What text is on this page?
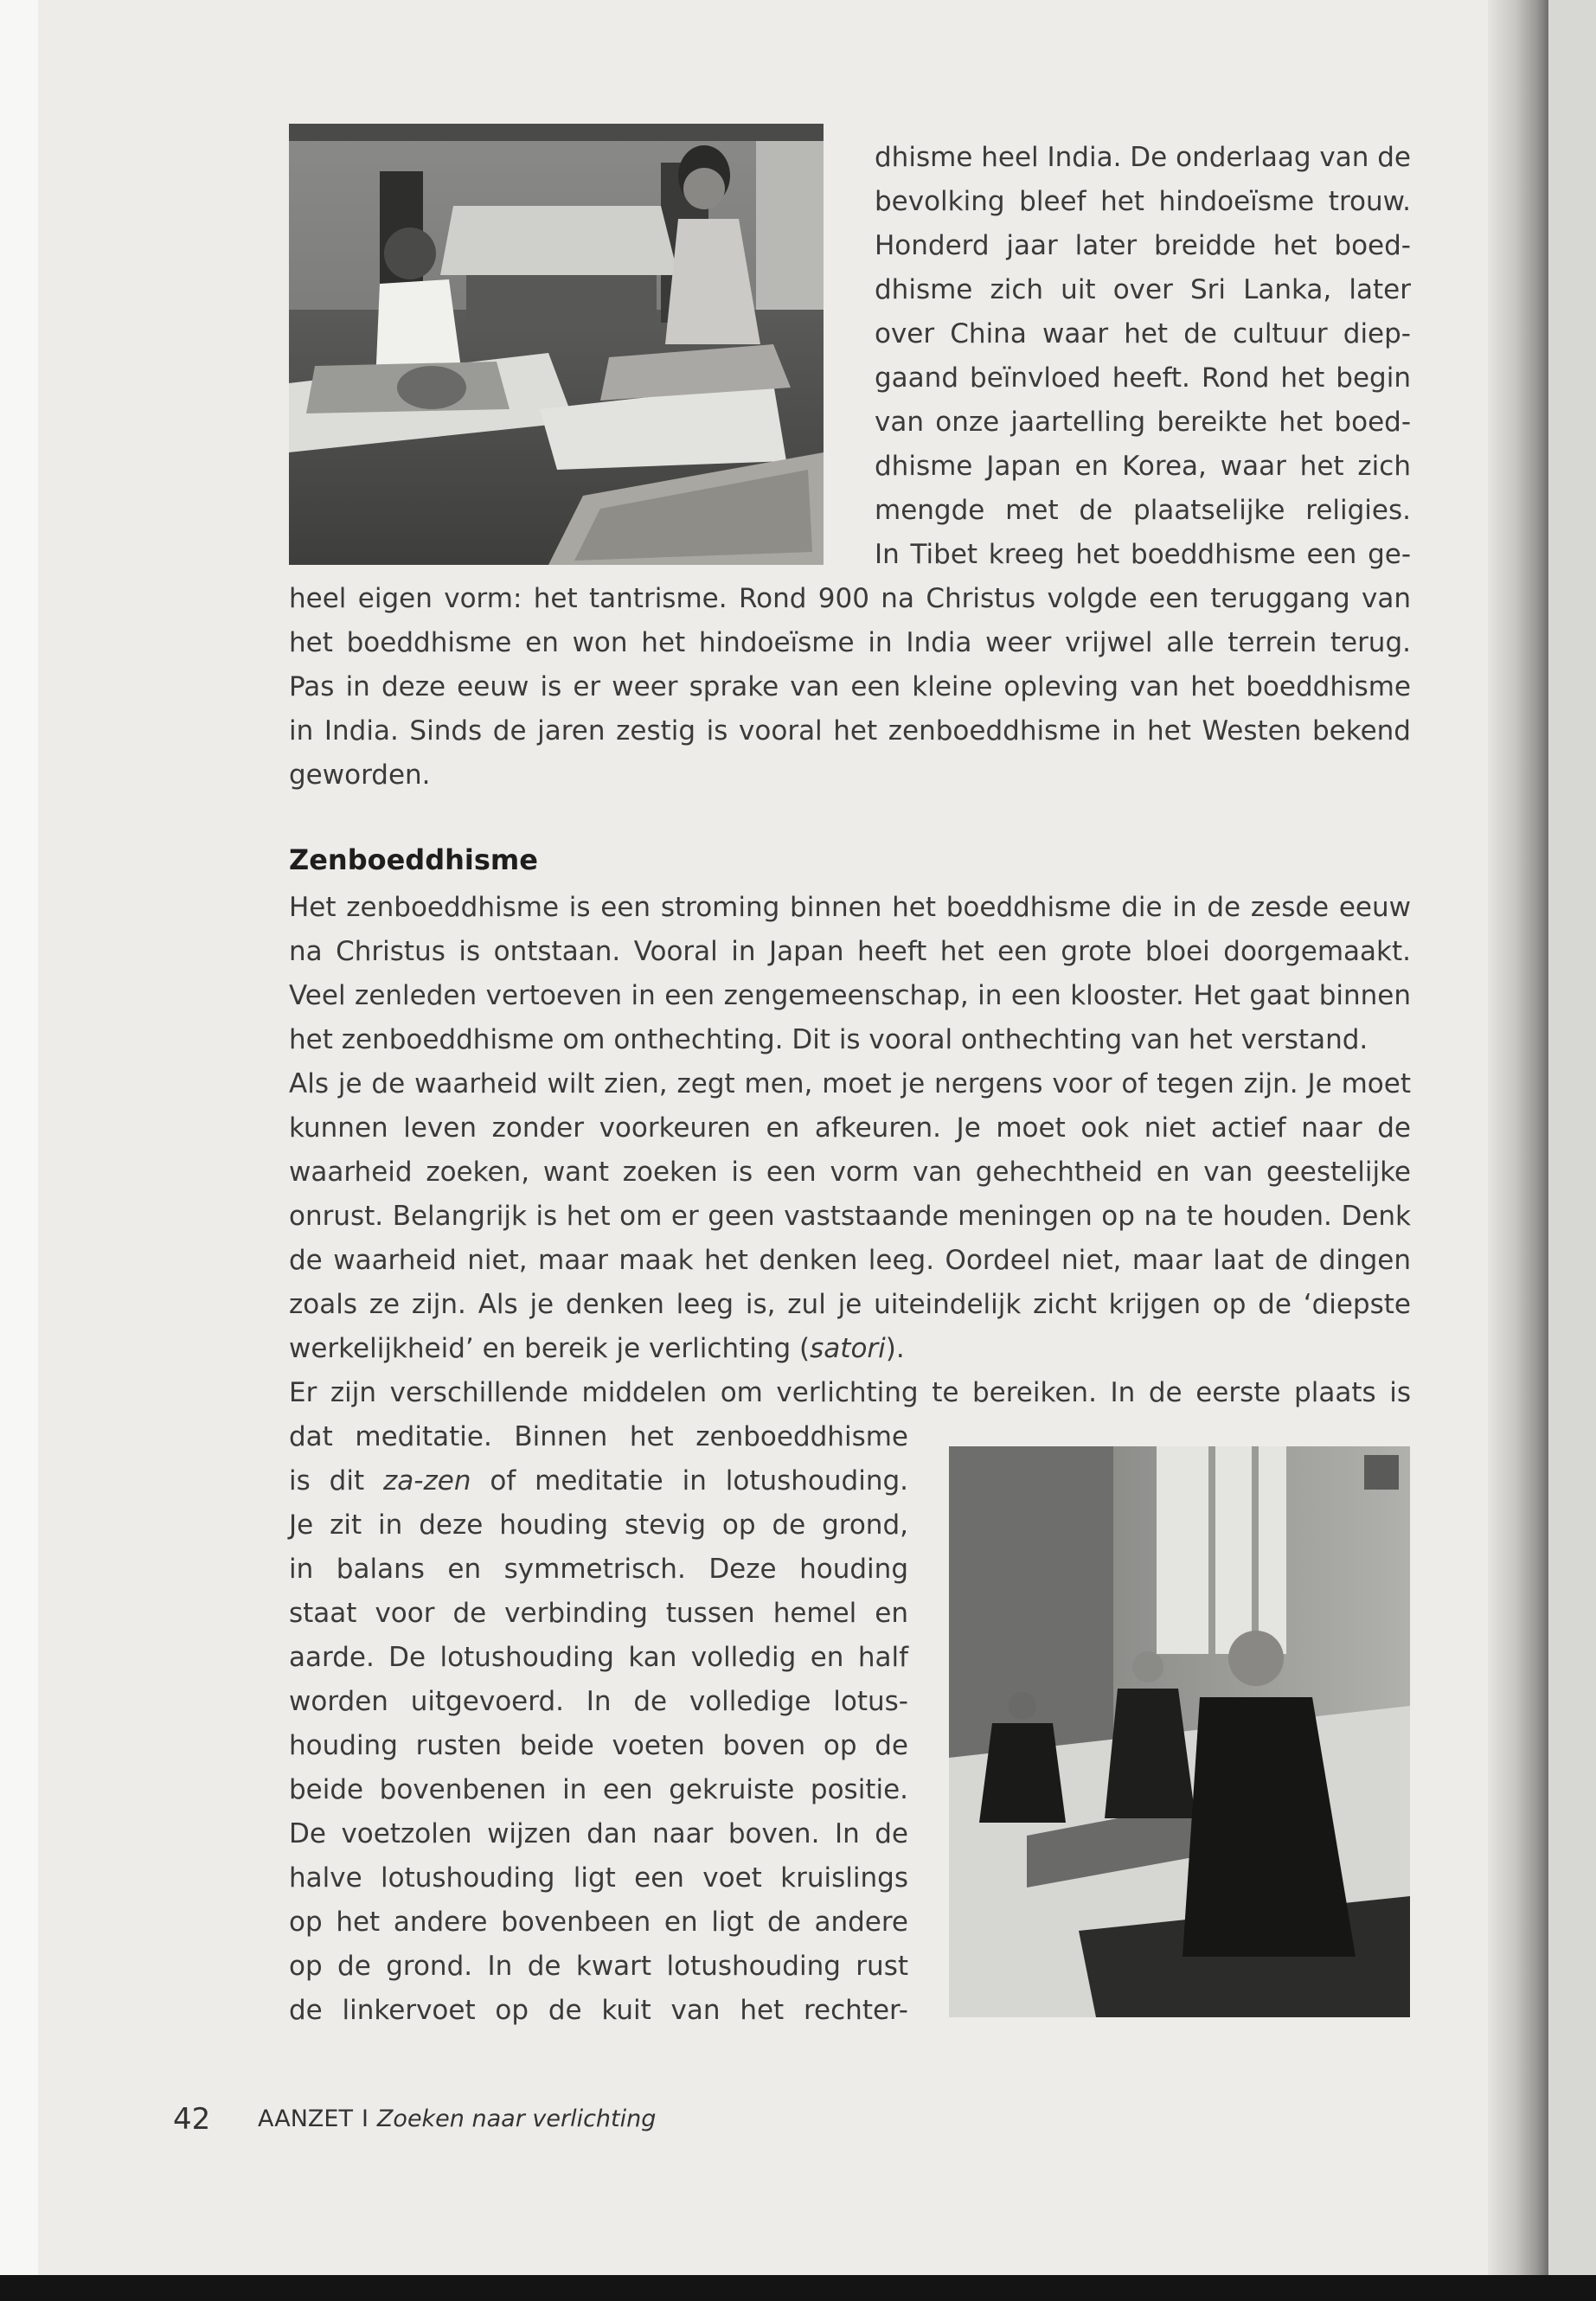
dhisme heel India. De onderlaag van de
bevolking bleef het hindoeïsme trouw.
Honderd jaar later breidde het boed-
dhisme zich uit over Sri Lanka, later
over China waar het de cultuur diep-
gaand beïnvloed heeft. Rond het begin
van onze jaartelling bereikte het boed-
dhisme Japan en Korea, waar het zich
mengde met de plaatselijke religies.
In Tibet kreeg het boeddhisme een ge-
heel eigen vorm: het tantrisme. Rond 900 na Christus volgde een teruggang van
het boeddhisme en won het hindoeïsme in India weer vrijwel alle terrein terug.
Pas in deze eeuw is er weer sprake van een kleine opleving van het boeddhisme
in India. Sinds de jaren zestig is vooral het zenboeddhisme in het Westen bekend
geworden.
Zenboeddhisme
Het zenboeddhisme is een stroming binnen het boeddhisme die in de zesde eeuw
na Christus is ontstaan. Vooral in Japan heeft het een grote bloei doorgemaakt.
Veel zenleden vertoeven in een zengemeenschap, in een klooster. Het gaat binnen
het zenboeddhisme om onthechting. Dit is vooral onthechting van het verstand.
Als je de waarheid wilt zien, zegt men, moet je nergens voor of tegen zijn. Je moet
kunnen leven zonder voorkeuren en afkeuren. Je moet ook niet actief naar de
waarheid zoeken, want zoeken is een vorm van gehechtheid en van geestelijke
onrust. Belangrijk is het om er geen vaststaande meningen op na te houden. Denk
de waarheid niet, maar maak het denken leeg. Oordeel niet, maar laat de dingen
zoals ze zijn. Als je denken leeg is, zul je uiteindelijk zicht krijgen op de ‘diepste
werkelijkheid’ en bereik je verlichting (satori).
Er zijn verschillende middelen om verlichting te bereiken. In de eerste plaats is
dat meditatie. Binnen het zenboeddhisme
is dit za-zen of meditatie in lotushouding.
Je zit in deze houding stevig op de grond,
in balans en symmetrisch. Deze houding
staat voor de verbinding tussen hemel en
aarde. De lotushouding kan volledig en half
worden uitgevoerd. In de volledige lotus-
houding rusten beide voeten boven op de
beide bovenbenen in een gekruiste positie.
De voetzolen wijzen dan naar boven. In de
halve lotushouding ligt een voet kruislings
op het andere bovenbeen en ligt de andere
op de grond. In de kwart lotushouding rust
de linkervoet op de kuit van het rechter-
42 AANZET I Zoeken naar verlichting
